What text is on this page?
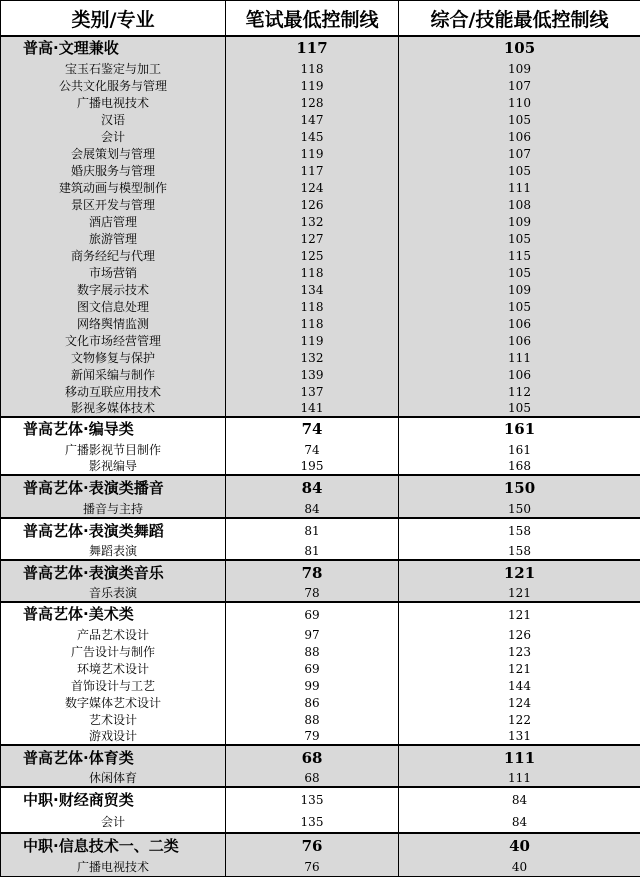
类别/专业	笔试最低控制线	综合/技能最低控制线
普高·文理兼收	117	105
宝玉石鉴定与加工	118	109
公共文化服务与管理	119	107
广播电视技术	128	110
汉语	147	105
会计	145	106
会展策划与管理	119	107
婚庆服务与管理	117	105
建筑动画与模型制作	124	111
景区开发与管理	126	108
酒店管理	132	109
旅游管理	127	105
商务经纪与代理	125	115
市场营销	118	105
数字展示技术	134	109
图文信息处理	118	105
网络舆情监测	118	106
文化市场经营管理	119	106
文物修复与保护	132	111
新闻采编与制作	139	106
移动互联应用技术	137	112
影视多媒体技术	141	105
普高艺体·编导类	74	161
广播影视节目制作	74	161
影视编导	195	168
普高艺体·表演类播音	84	150
播音与主持	84	150
普高艺体·表演类舞蹈	81	158
舞蹈表演	81	158
普高艺体·表演类音乐	78	121
音乐表演	78	121
普高艺体·美术类	69	121
产品艺术设计	97	126
广告设计与制作	88	123
环境艺术设计	69	121
首饰设计与工艺	99	144
数字媒体艺术设计	86	124
艺术设计	88	122
游戏设计	79	131
普高艺体·体育类	68	111
休闲体育	68	111
中职·财经商贸类	135	84
会计	135	84
中职·信息技术一、二类	76	40
广播电视技术	76	40
